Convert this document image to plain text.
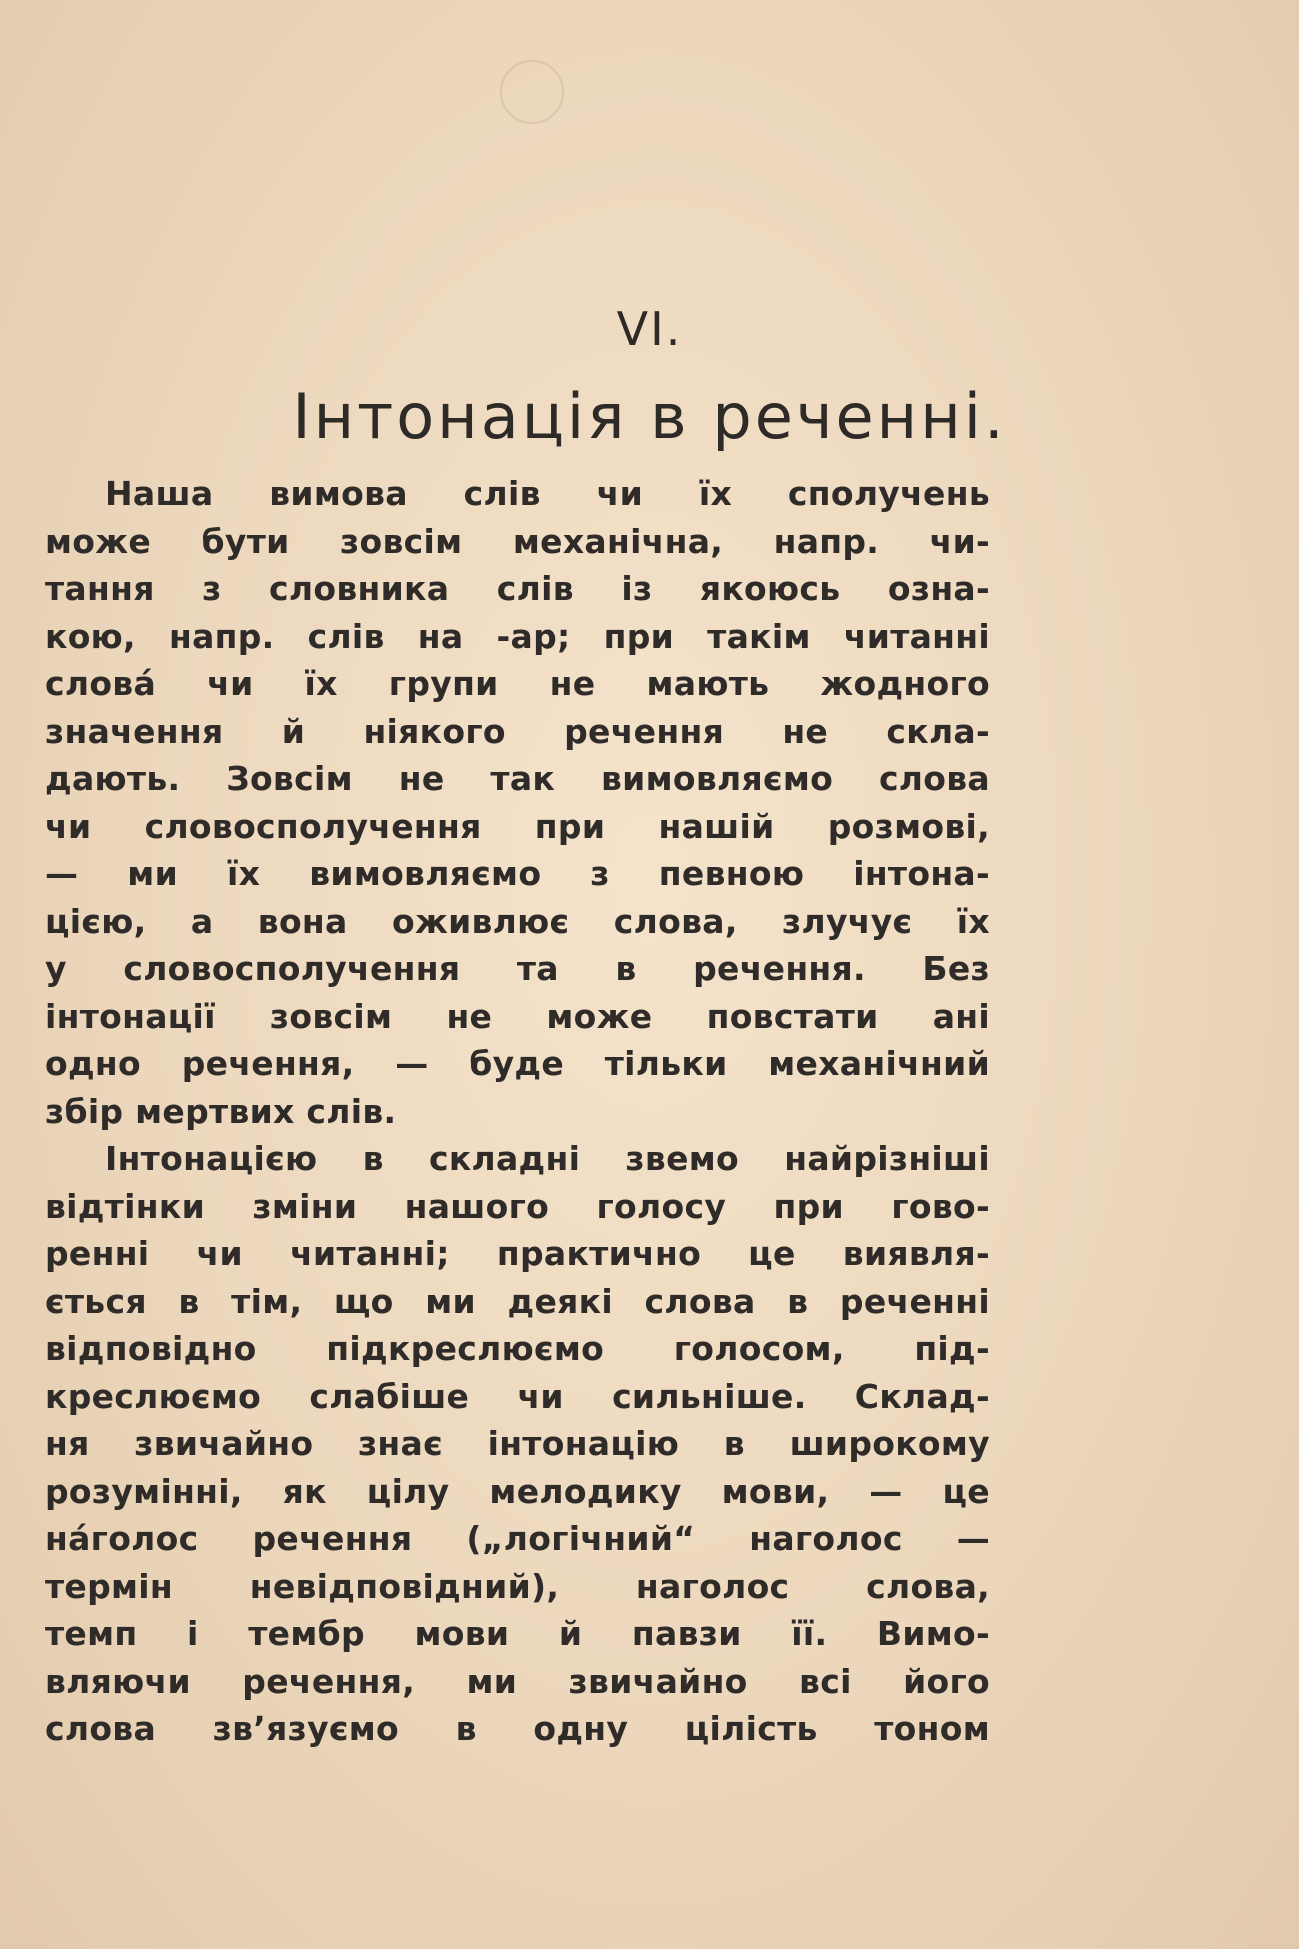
VI.
Інтонація в реченні.
Наша вимова слів чи їх сполучень
може бути зовсім механічна, напр. чи-
тання з словника слів із якоюсь озна-
кою, напр. слів на -ар; при такім читанні
слова́ чи їх групи не мають жодного
значення й ніякого речення не скла-
дають. Зовсім не так вимовляємо слова
чи словосполучення при нашій розмові,
— ми їх вимовляємо з певною інтона-
цією, а вона оживлює слова, злучує їх
у словосполучення та в речення. Без
інтонації зовсім не може повстати ані
одно речення, — буде тільки механічний
збір мертвих слів.
Інтонацією в складні звемо найрізніші
відтінки зміни нашого голосу при гово-
ренні чи читанні; практично це виявля-
ється в тім, що ми деякі слова в реченні
відповідно підкреслюємо голосом, під-
креслюємо слабіше чи сильніше. Склад-
ня звичайно знає інтонацію в широкому
розумінні, як цілу мелодику мови, — це
на́голос речення („логічний“ наголос —
термін невідповідний), наголос слова,
темп і тембр мови й павзи її. Вимо-
вляючи речення, ми звичайно всі його
слова зв’язуємо в одну цілість тоном
